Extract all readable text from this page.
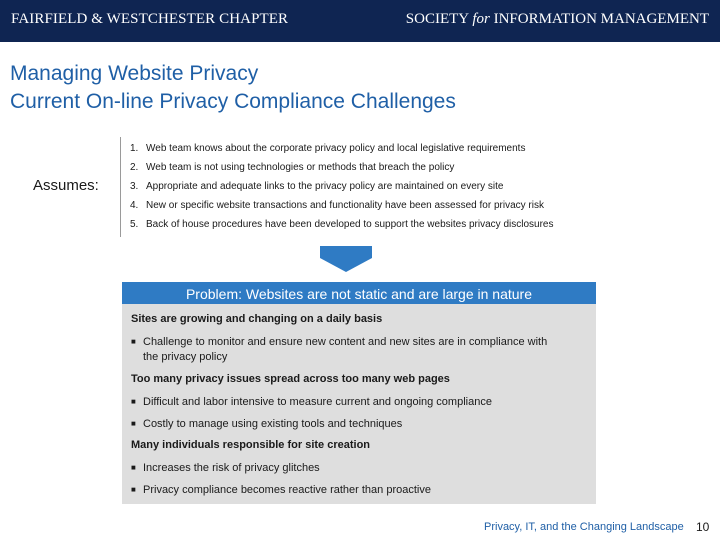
FAIRFIELD & WESTCHESTER CHAPTER	SOCIETY for INFORMATION MANAGEMENT
Managing Website Privacy
Current On-line Privacy Compliance Challenges
Assumes:
1. Web team knows about the corporate privacy policy and local legislative requirements
2. Web team is not using technologies or methods that breach the policy
3. Appropriate and adequate links to the privacy policy are maintained on every site
4. New or specific website transactions and functionality have been assessed for privacy risk
5. Back of house procedures have been developed to support the websites privacy disclosures
Problem: Websites are not static and are large in nature
Sites are growing and changing on a daily basis
■ Challenge to monitor and ensure new content and new sites are in compliance with
the privacy policy
Too many privacy issues spread across too many web pages
■ Difficult and labor intensive to measure current and ongoing compliance
■ Costly to manage using existing tools and techniques
Many individuals responsible for site creation
■ Increases the risk of privacy glitches
■ Privacy compliance becomes reactive rather than proactive
Privacy, IT, and the Changing Landscape 10
